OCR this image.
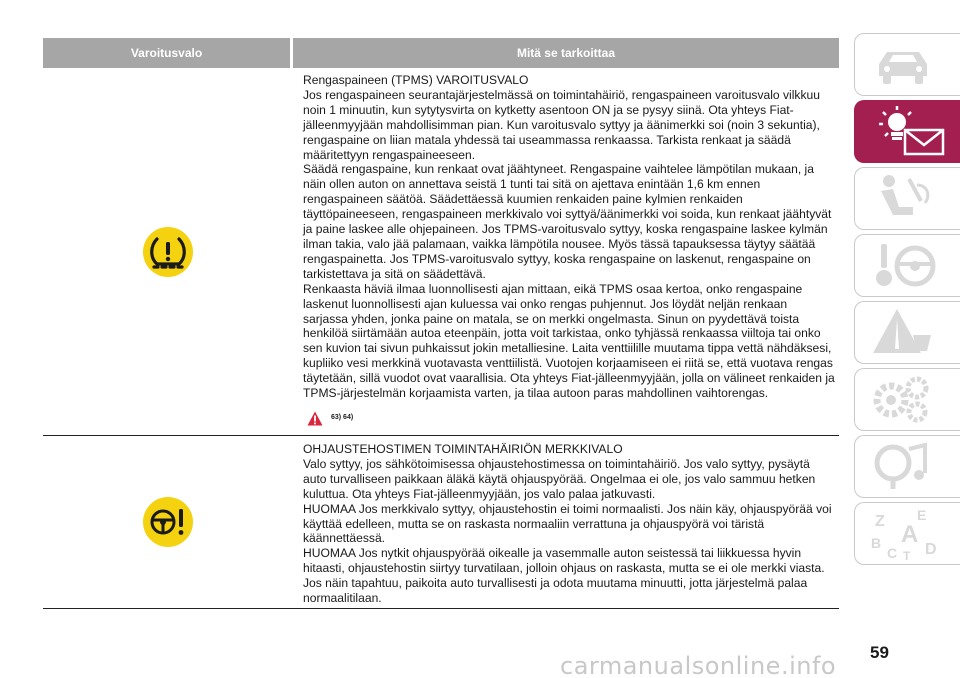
Varoitusvalo	Mitä se tarkoittaa
Rengaspaineen (TPMS) VAROITUSVALO
Jos rengaspaineen seurantajärjestelmässä on toimintahäiriö, rengaspaineen varoitusvalo vilkkuu noin 1 minuutin, kun sytytysvirta on kytketty asentoon ON ja se pysyy siinä. Ota yhteys Fiat-jälleenmyyjään mahdollisimman pian. Kun varoitusvalo syttyy ja äänimerkki soi (noin 3 sekuntia), rengaspaine on liian matala yhdessä tai useammassa renkaassa. Tarkista renkaat ja säädä määritettyyn rengaspaineeseen.
Säädä rengaspaine, kun renkaat ovat jäähtyneet. Rengaspaine vaihtelee lämpötilan mukaan, ja näin ollen auton on annettava seistä 1 tunti tai sitä on ajettava enintään 1,6 km ennen rengaspaineen säätöä. Säädettäessä kuumien renkaiden paine kylmien renkaiden täyttöpaineeseen, rengaspaineen merkkivalo voi syttyä/äänimerkki voi soida, kun renkaat jäähtyvät ja paine laskee alle ohjepaineen. Jos TPMS-varoitusvalo syttyy, koska rengaspaine laskee kylmän ilman takia, valo jää palamaan, vaikka lämpötila nousee. Myös tässä tapauksessa täytyy säätää rengaspainetta. Jos TPMS-varoitusvalo syttyy, koska rengaspaine on laskenut, rengaspaine on tarkistettava ja sitä on säädettävä.
Renkaasta häviä ilmaa luonnollisesti ajan mittaan, eikä TPMS osaa kertoa, onko rengaspaine laskenut luonnollisesti ajan kuluessa vai onko rengas puhjennut. Jos löydät neljän renkaan sarjassa yhden, jonka paine on matala, se on merkki ongelmasta. Sinun on pyydettävä toista henkilöä siirtämään autoa eteenpäin, jotta voit tarkistaa, onko tyhjässä renkaassa viiltoja tai onko sen kuvion tai sivun puhkaissut jokin metalliesine. Laita venttiilille muutama tippa vettä nähdäksesi, kupliiko vesi merkkinä vuotavasta venttiilistä. Vuotojen korjaamiseen ei riitä se, että vuotava rengas täytetään, sillä vuodot ovat vaarallisia. Ota yhteys Fiat-jälleenmyyjään, jolla on välineet renkaiden ja TPMS-järjestelmän korjaamista varten, ja tilaa autoon paras mahdollinen vaihtorengas.
63) 64)
OHJAUSTEHOSTIMEN TOIMINTAHÄIRIÖN MERKKIVALO
Valo syttyy, jos sähkötoimisessa ohjaustehostimessa on toimintahäiriö. Jos valo syttyy, pysäytä auto turvalliseen paikkaan äläkä käytä ohjauspyörää. Ongelmaa ei ole, jos valo sammuu hetken kuluttua. Ota yhteys Fiat-jälleenmyyjään, jos valo palaa jatkuvasti.
HUOMAA Jos merkkivalo syttyy, ohjaustehostin ei toimi normaalisti. Jos näin käy, ohjauspyörää voi käyttää edelleen, mutta se on raskasta normaaliin verrattuna ja ohjauspyörä voi täristä käännettäessä.
HUOMAA Jos nytkit ohjauspyörää oikealle ja vasemmalle auton seistessä tai liikkuessa hyvin hitaasti, ohjaustehostin siirtyy turvatilaan, jolloin ohjaus on raskasta, mutta se ei ole merkki viasta. Jos näin tapahtuu, paikoita auto turvallisesti ja odota muutama minuutti, jotta järjestelmä palaa normaalitilaan.
Z E
A
B
C D
T
carmanualsonline.info 59
